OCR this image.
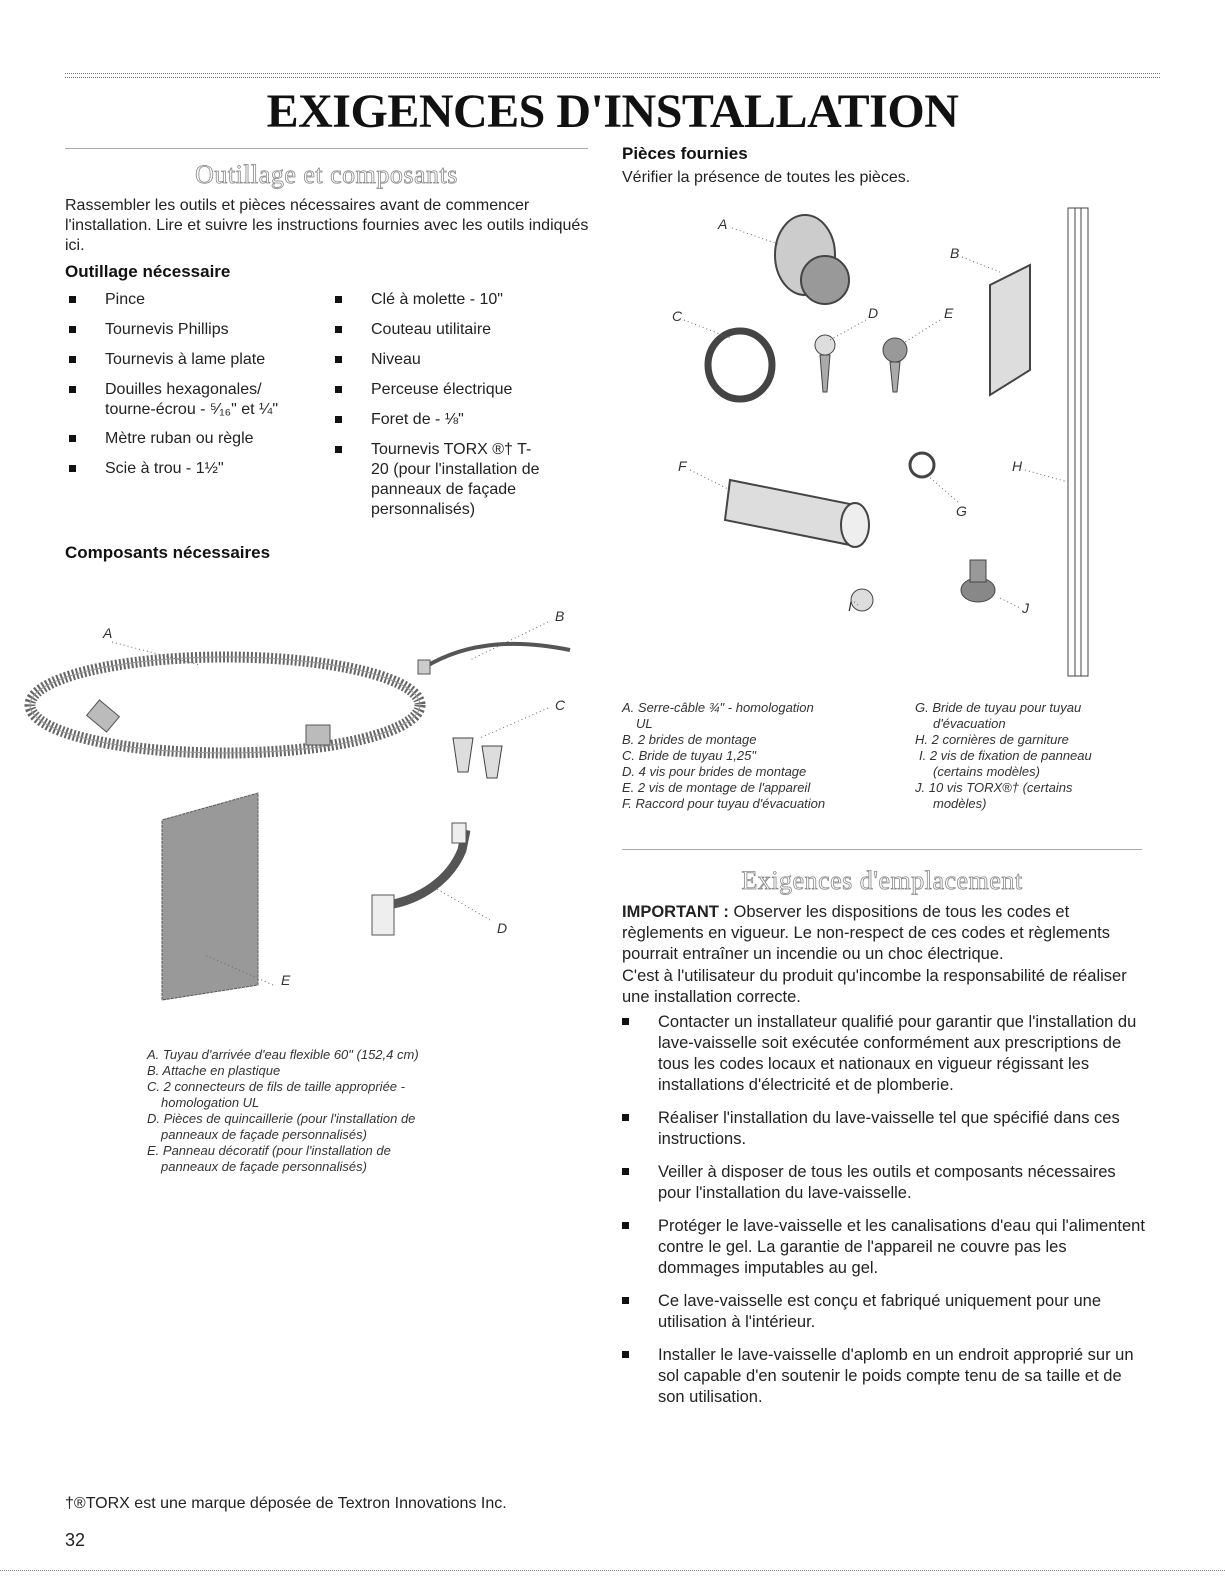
EXIGENCES D'INSTALLATION
Outillage et composants

Rassembler les outils et pièces nécessaires avant de commencer l'installation. Lire et suivre les instructions fournies avec les outils indiqués ici.

Outillage nécessaire
Pince
Tournevis Phillips
Tournevis à lame plate
Douilles hexagonales/ tourne-écrou - ⁵⁄₁₆" et ¼"
Mètre ruban ou règle
Scie à trou - 1½"
Clé à molette - 10"
Couteau utilitaire
Niveau
Perceuse électrique
Foret de - ⅛"
Tournevis TORX ®† T-20 (pour l'installation de panneaux de façade personnalisés)
Composants nécessaires
A
B
C
D
E
A. Tuyau d'arrivée d'eau flexible 60" (152,4 cm)
B. Attache en plastique
C. 2 connecteurs de fils de taille appropriée -
homologation UL
D. Pièces de quincaillerie (pour l'installation de
panneaux de façade personnalisés)
E. Panneau décoratif (pour l'installation de
panneaux de façade personnalisés)
Pièces fournies
Vérifier la présence de toutes les pièces.
A
B
C	D	E
F
G
H
I	J
A. Serre-câble ¾" - homologation
UL
B. 2 brides de montage
C. Bride de tuyau 1,25"
D. 4 vis pour brides de montage
E. 2 vis de montage de l'appareil
F. Raccord pour tuyau d'évacuation
G. Bride de tuyau pour tuyau
d'évacuation
H. 2 cornières de garniture
I. 2 vis de fixation de panneau
(certains modèles)
J. 10 vis TORX®† (certains
modèles)
Exigences d'emplacement

IMPORTANT : Observer les dispositions de tous les codes et règlements en vigueur. Le non-respect de ces codes et règlements pourrait entraîner un incendie ou un choc électrique.

C'est à l'utilisateur du produit qu'incombe la responsabilité de réaliser une installation correcte.

Contacter un installateur qualifié pour garantir que l'installation du lave-vaisselle soit exécutée conformément aux prescriptions de tous les codes locaux et nationaux en vigueur régissant les installations d'électricité et de plomberie.
Réaliser l'installation du lave-vaisselle tel que spécifié dans ces instructions.
Veiller à disposer de tous les outils et composants nécessaires pour l'installation du lave-vaisselle.
Protéger le lave-vaisselle et les canalisations d'eau qui l'alimentent contre le gel. La garantie de l'appareil ne couvre pas les dommages imputables au gel.
Ce lave-vaisselle est conçu et fabriqué uniquement pour une utilisation à l'intérieur.
Installer le lave-vaisselle d'aplomb en un endroit approprié sur un sol capable d'en soutenir le poids compte tenu de sa taille et de son utilisation.
†®TORX est une marque déposée de Textron Innovations Inc.
32
